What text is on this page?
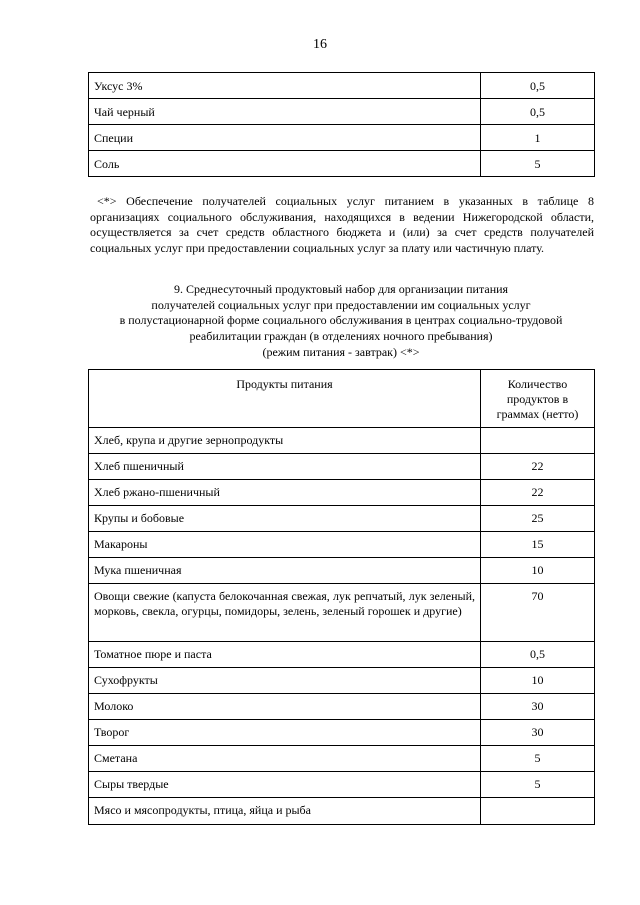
16
Уксус 3%	0,5
Чай черный	0,5
Специи	1
Соль	5

<*> Обеспечение получателей социальных услуг питанием в указанных в таблице 8 организациях социального обслуживания, находящихся в ведении Нижегородской области, осуществляется за счет средств областного бюджета и (или) за счет средств получателей социальных услуг при предоставлении социальных услуг за плату или частичную плату.

9. Среднесуточный продуктовый набор для организации питания
получателей социальных услуг при предоставлении им социальных услуг
в полустационарной форме социального обслуживания в центрах социально-трудовой
реабилитации граждан (в отделениях ночного пребывания)
(режим питания - завтрак) <*>
Продукты питания	Количество продуктов в граммах (нетто)
Хлеб, крупа и другие зернопродукты	
Хлеб пшеничный	22
Хлеб ржано-пшеничный	22
Крупы и бобовые	25
Макароны	15
Мука пшеничная	10
Овощи свежие (капуста белокочанная свежая, лук репчатый, лук зеленый, морковь, свекла, огурцы, помидоры, зелень, зеленый горошек и другие)	70
Томатное пюре и паста	0,5
Сухофрукты	10
Молоко	30
Творог	30
Сметана	5
Сыры твердые	5
Мясо и мясопродукты, птица, яйца и рыба	
